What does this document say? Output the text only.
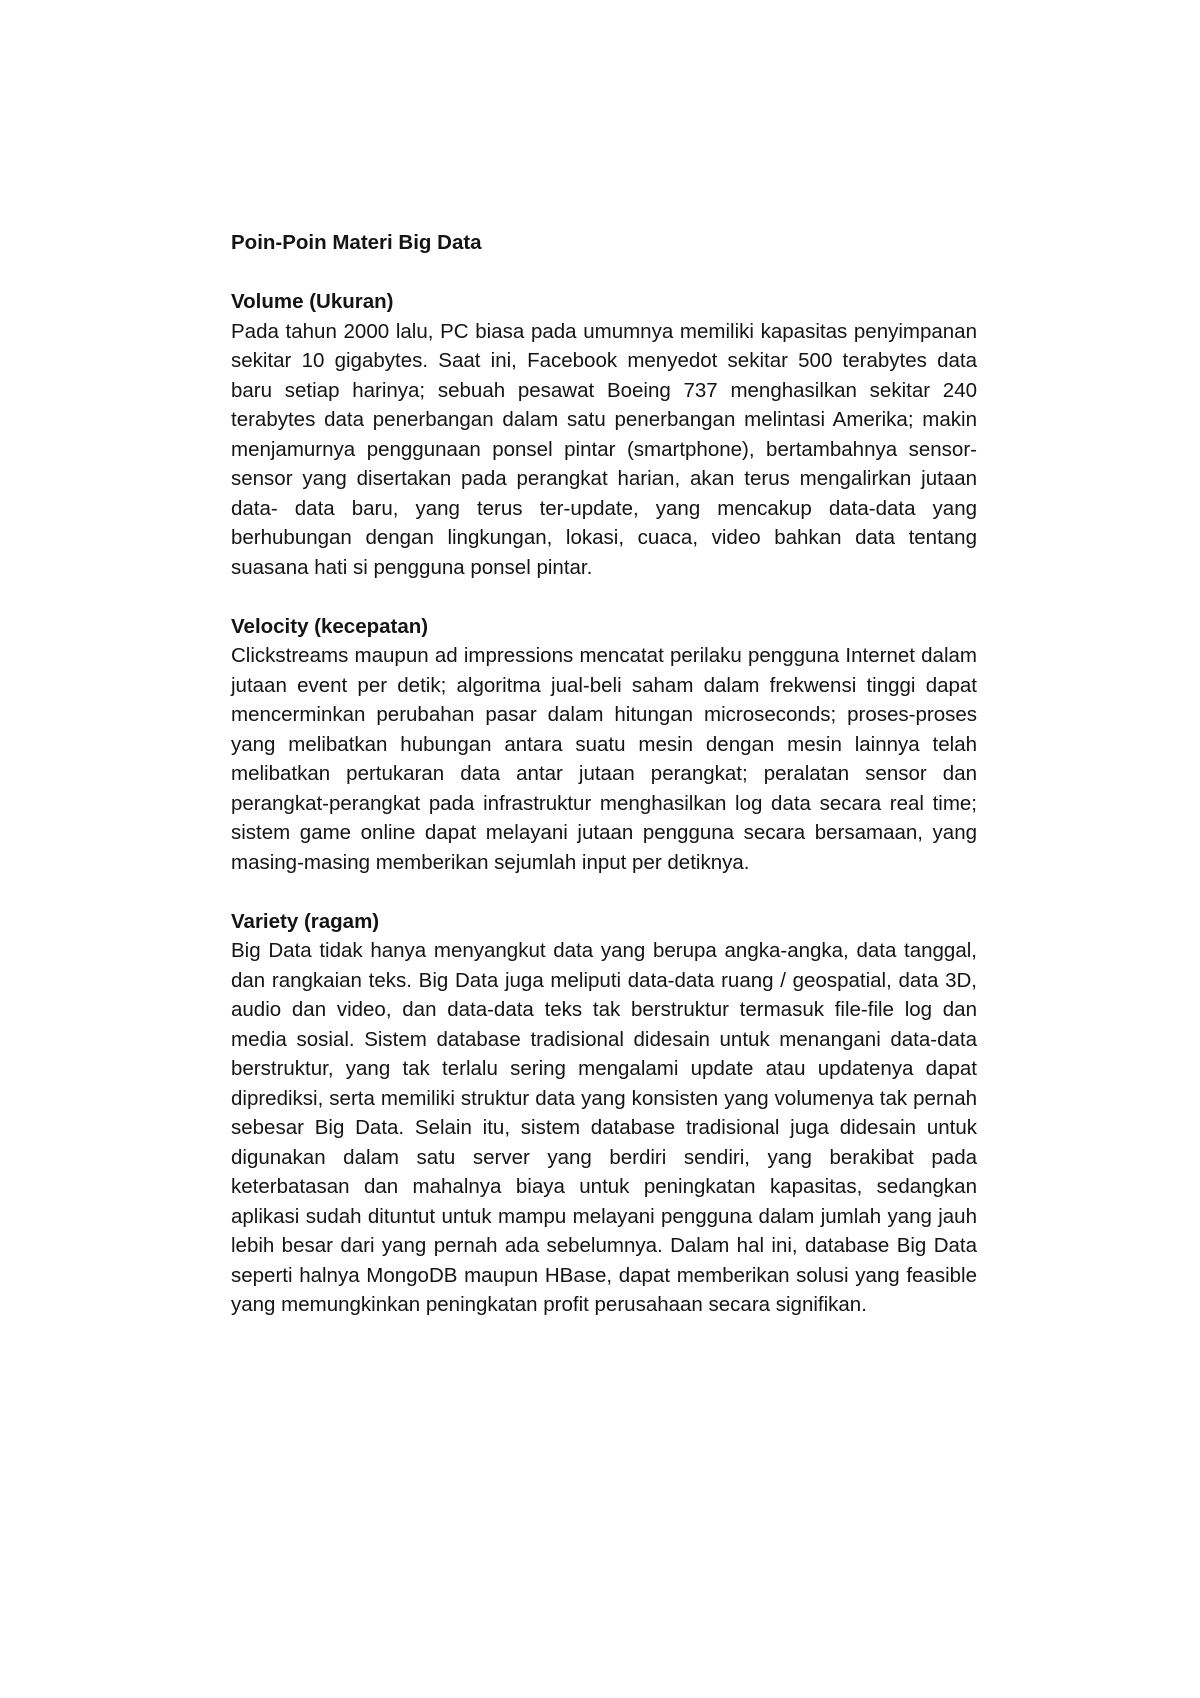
Poin-Poin Materi Big Data

Volume (Ukuran)

Pada tahun 2000 lalu, PC biasa pada umumnya memiliki kapasitas penyimpanan sekitar 10 gigabytes. Saat ini, Facebook menyedot sekitar 500 terabytes data baru setiap harinya; sebuah pesawat Boeing 737 menghasilkan sekitar 240 terabytes data penerbangan dalam satu penerbangan melintasi Amerika; makin menjamurnya penggunaan ponsel pintar (smartphone), bertambahnya sensor-sensor yang disertakan pada perangkat harian, akan terus mengalirkan jutaan data- data baru, yang terus ter-update, yang mencakup data-data yang berhubungan dengan lingkungan, lokasi, cuaca, video bahkan data tentang suasana hati si pengguna ponsel pintar.

Velocity (kecepatan)

Clickstreams maupun ad impressions mencatat perilaku pengguna Internet dalam jutaan event per detik; algoritma jual-beli saham dalam frekwensi tinggi dapat mencerminkan perubahan pasar dalam hitungan microseconds; proses-proses yang melibatkan hubungan antara suatu mesin dengan mesin lainnya telah melibatkan pertukaran data antar jutaan perangkat; peralatan sensor dan perangkat-perangkat pada infrastruktur menghasilkan log data secara real time; sistem game online dapat melayani jutaan pengguna secara bersamaan, yang masing-masing memberikan sejumlah input per detiknya.

Variety (ragam)

Big Data tidak hanya menyangkut data yang berupa angka-angka, data tanggal, dan rangkaian teks. Big Data juga meliputi data-data ruang / geospatial, data 3D, audio dan video, dan data-data teks tak berstruktur termasuk file-file log dan media sosial. Sistem database tradisional didesain untuk menangani data-data berstruktur, yang tak terlalu sering mengalami update atau updatenya dapat diprediksi, serta memiliki struktur data yang konsisten yang volumenya tak pernah sebesar Big Data. Selain itu, sistem database tradisional juga didesain untuk digunakan dalam satu server yang berdiri sendiri, yang berakibat pada keterbatasan dan mahalnya biaya untuk peningkatan kapasitas, sedangkan aplikasi sudah dituntut untuk mampu melayani pengguna dalam jumlah yang jauh lebih besar dari yang pernah ada sebelumnya. Dalam hal ini, database Big Data seperti halnya MongoDB maupun HBase, dapat memberikan solusi yang feasible yang memungkinkan peningkatan profit perusahaan secara signifikan.
